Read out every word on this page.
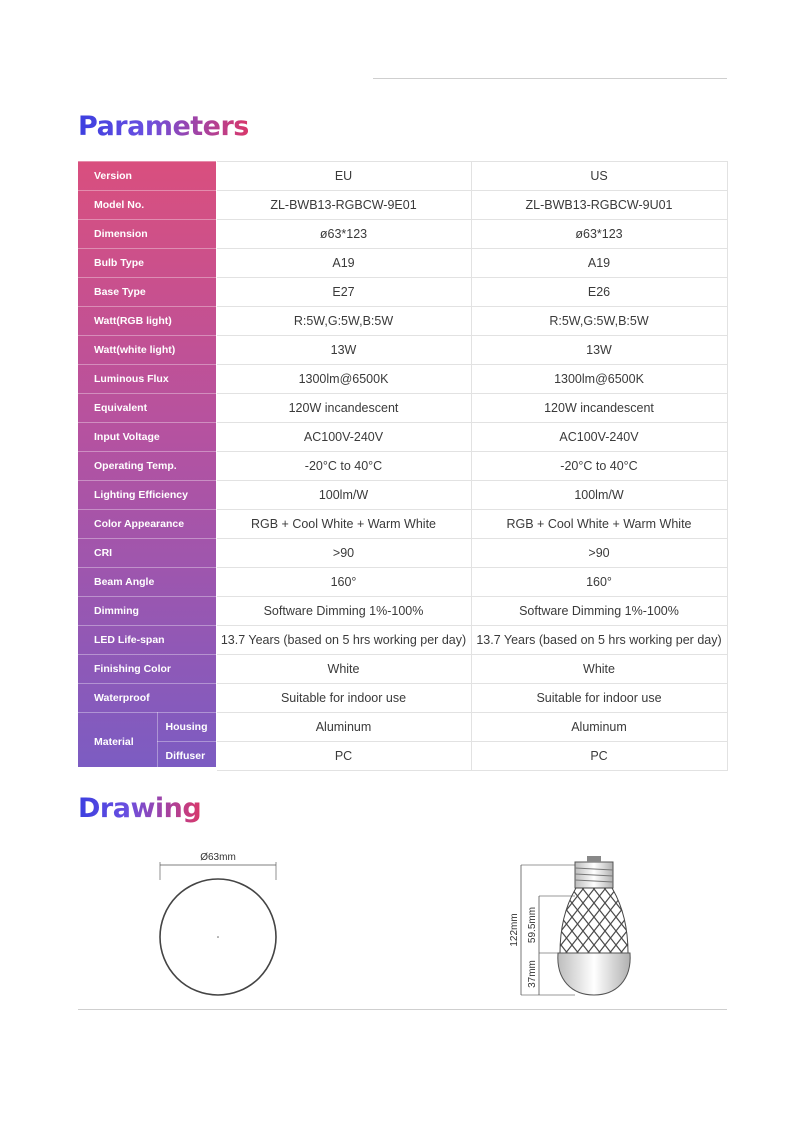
Parameters
Version		EU	US
Model No.		ZL-BWB13-RGBCW-9E01	ZL-BWB13-RGBCW-9U01
Dimension		ø63*123	ø63*123
Bulb Type		A19	A19
Base Type		E27	E26
Watt(RGB light)		R:5W,G:5W,B:5W	R:5W,G:5W,B:5W
Watt(white light)		13W	13W
Luminous Flux		1300lm@6500K	1300lm@6500K
Equivalent		120W incandescent	120W incandescent
Input Voltage		AC100V-240V	AC100V-240V
Operating Temp.		-20°C to 40°C	-20°C to 40°C
Lighting Efficiency		100lm/W	100lm/W
Color Appearance		RGB + Cool White + Warm White	RGB + Cool White + Warm White
CRI		>90	>90
Beam Angle		160°	160°
Dimming		Software Dimming 1%-100%	Software Dimming 1%-100%
LED Life-span		13.7 Years (based on 5 hrs working per day)	13.7 Years (based on 5 hrs working per day)
Finishing Color		White	White
Waterproof		Suitable for indoor use	Suitable for indoor use
Material	Housing	Aluminum	Aluminum
	Diffuser	PC	PC
Drawing
Ø63mm
122mm 59.5mm
37mm
